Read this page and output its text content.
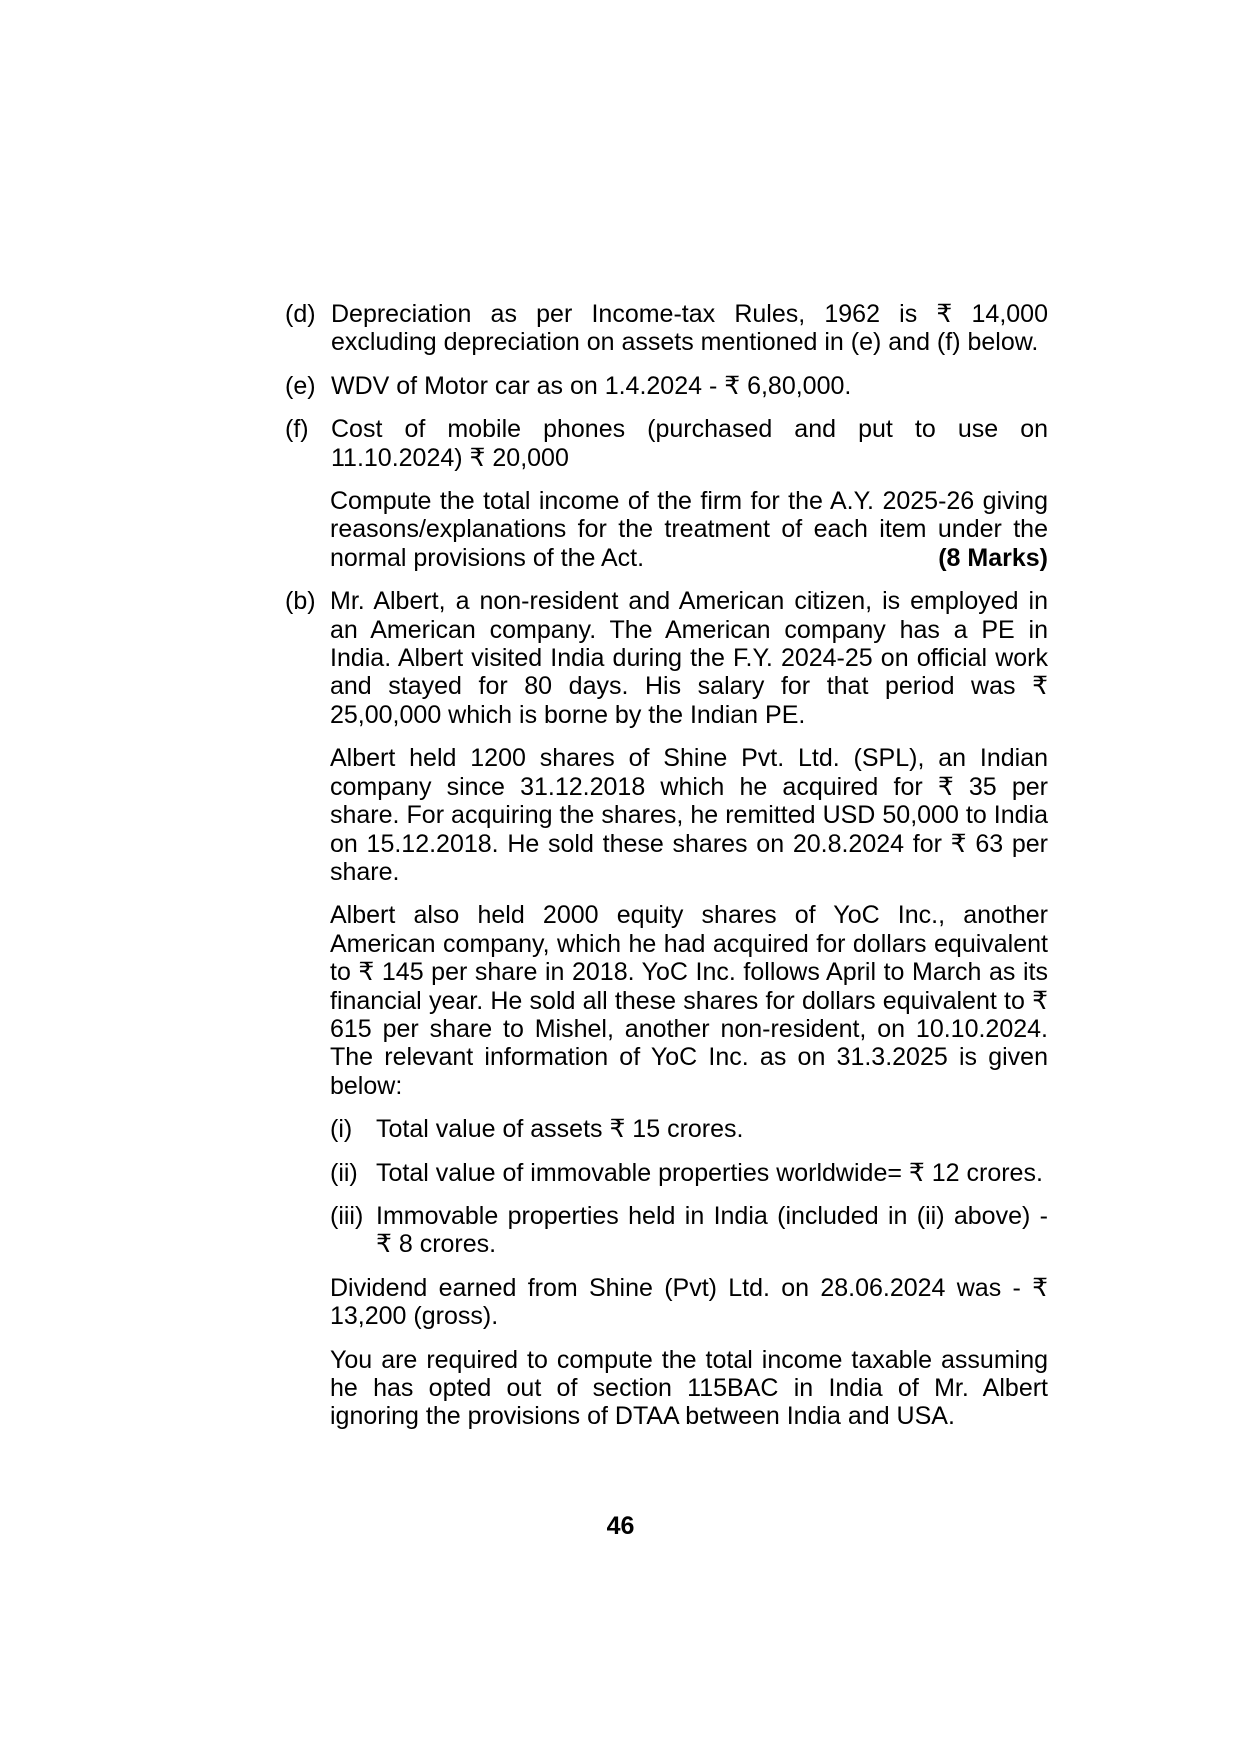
(d) Depreciation as per Income-tax Rules, 1962 is ₹ 14,000 excluding depreciation on assets mentioned in (e) and (f) below.
(e) WDV of Motor car as on 1.4.2024 - ₹ 6,80,000.
(f) Cost of mobile phones (purchased and put to use on 11.10.2024) ₹ 20,000
Compute the total income of the firm for the A.Y. 2025-26 giving reasons/explanations for the treatment of each item under the normal provisions of the Act.	(8 Marks)
(b) Mr. Albert, a non-resident and American citizen, is employed in an American company. The American company has a PE in India. Albert visited India during the F.Y. 2024-25 on official work and stayed for 80 days. His salary for that period was ₹ 25,00,000 which is borne by the Indian PE.

Albert held 1200 shares of Shine Pvt. Ltd. (SPL), an Indian company since 31.12.2018 which he acquired for ₹ 35 per share. For acquiring the shares, he remitted USD 50,000 to India on 15.12.2018. He sold these shares on 20.8.2024 for ₹ 63 per share.

Albert also held 2000 equity shares of YoC Inc., another American company, which he had acquired for dollars equivalent to ₹ 145 per share in 2018. YoC Inc. follows April to March as its financial year. He sold all these shares for dollars equivalent to ₹ 615 per share to Mishel, another non-resident, on 10.10.2024. The relevant information of YoC Inc. as on 31.3.2025 is given below:

(i) Total value of assets ₹ 15 crores.
(ii) Total value of immovable properties worldwide= ₹ 12 crores.
(iii) Immovable properties held in India (included in (ii) above) - ₹ 8 crores.

Dividend earned from Shine (Pvt) Ltd. on 28.06.2024 was - ₹ 13,200 (gross).

You are required to compute the total income taxable assuming he has opted out of section 115BAC in India of Mr. Albert ignoring the provisions of DTAA between India and USA.

46
